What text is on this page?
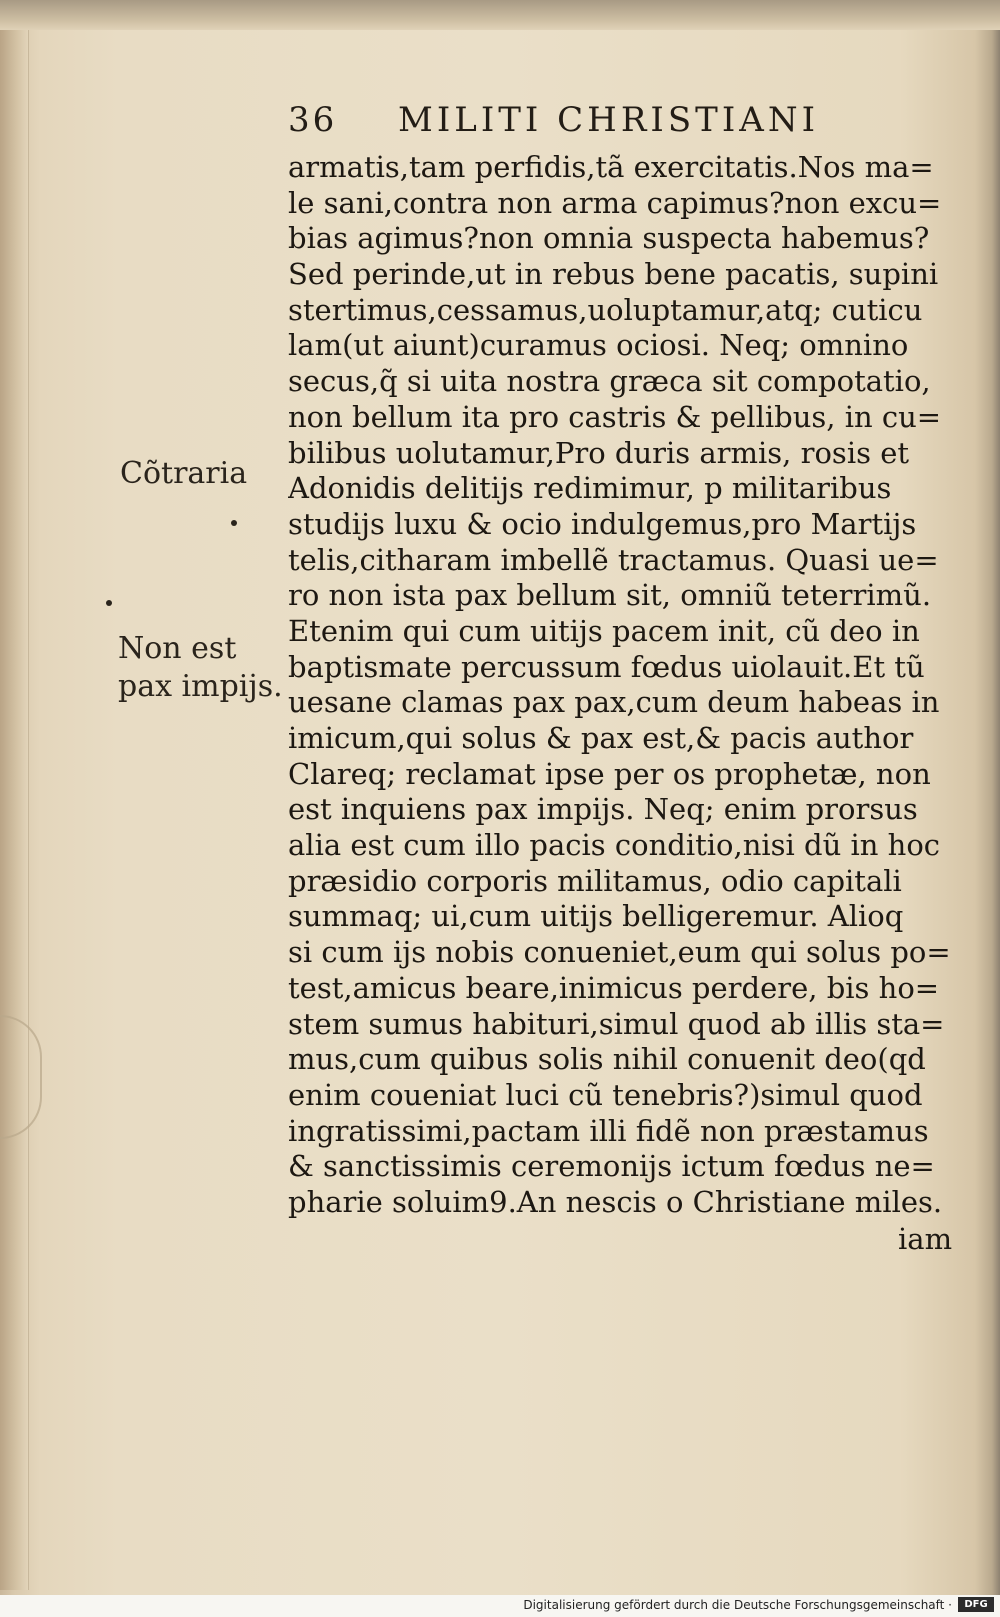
36 MILITI CHRISTIANI
Cõtraria
Non est
pax impijs.
armatis,tam perfidis,tã exercitatis.Nos ma=
le sani,contra non arma capimus?non excu=
bias agimus?non omnia suspecta habemus?
Sed perinde,ut in rebus bene pacatis, supini
stertimus,cessamus,uoluptamur,atq; cuticu
lam(ut aiunt)curamus ociosi. Neq; omnino
secus,q̃ si uita nostra græca sit compotatio,
non bellum ita pro castris & pellibus, in cu=
bilibus uolutamur,Pro duris armis, rosis et
Adonidis delitijs redimimur, p militaribus
studijs luxu & ocio indulgemus,pro Martijs
telis,citharam imbellẽ tractamus. Quasi ue=
ro non ista pax bellum sit, omniũ teterrimũ.
Etenim qui cum uitijs pacem init, cũ deo in
baptismate percussum fœdus uiolauit.Et tũ
uesane clamas pax pax,cum deum habeas in
imicum,qui solus & pax est,& pacis author
Clareq; reclamat ipse per os prophetæ, non
est inquiens pax impijs. Neq; enim prorsus
alia est cum illo pacis conditio,nisi dũ in hoc
præsidio corporis militamus, odio capitali
summaq; ui,cum uitijs belligeremur. Alioq
si cum ijs nobis conueniet,eum qui solus po=
test,amicus beare,inimicus perdere, bis ho=
stem sumus habituri,simul quod ab illis sta=
mus,cum quibus solis nihil conuenit deo(qd
enim coueniat luci cũ tenebris?)simul quod
ingratissimi,pactam illi fidẽ non præstamus
& sanctissimis ceremonijs ictum fœdus ne=
pharie soluim9.An nescis o Christiane miles.
iam
Digitalisierung gefördert durch die Deutsche Forschungsgemeinschaft ·	DFG
